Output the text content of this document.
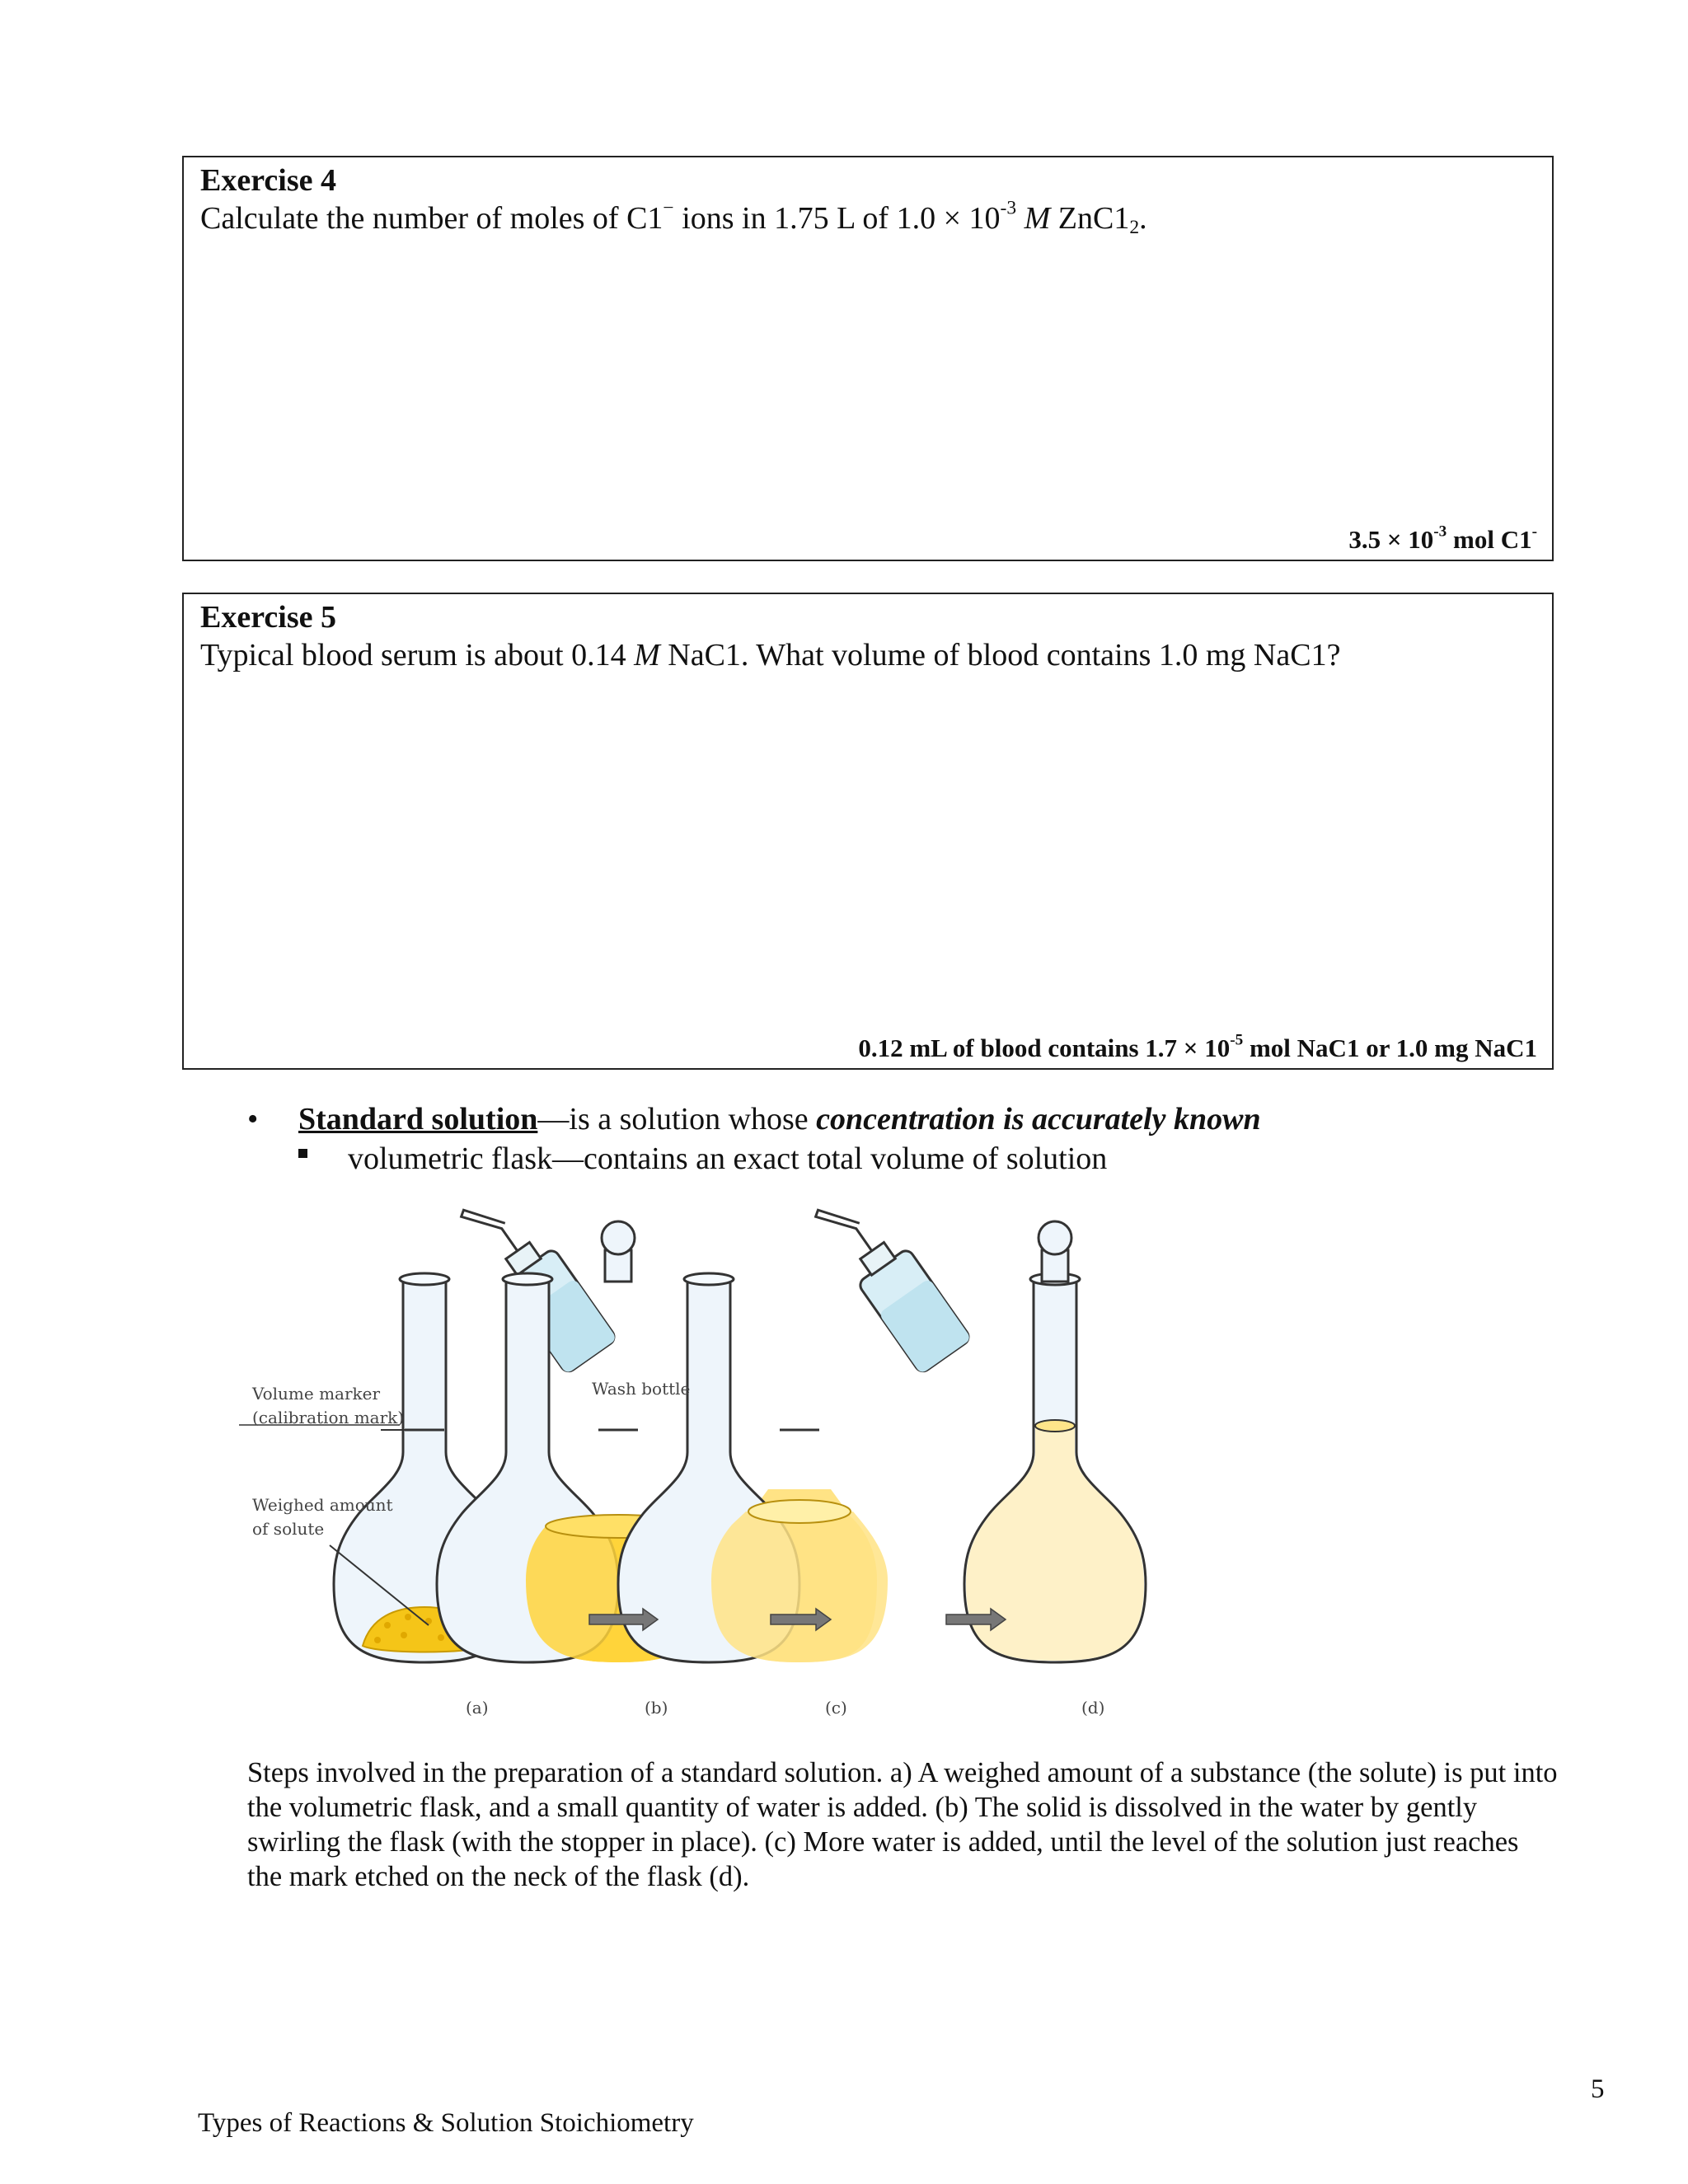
Exercise 4
Calculate the number of moles of C1− ions in 1.75 L of $1.0 \times 10^{-3}$ M $ZnC1_2$.
$3.5 \times 10^{-3}$ mol C1-
Exercise 5
Typical blood serum is about 0.14 M NaC1. What volume of blood contains 1.0 mg NaC1?
0.12 mL of blood contains $1.7 \times 10^{-5}$ mol NaC1 or 1.0 mg NaC1
• Standard solution—is a solution whose concentration is accurately known
volumetric flask—contains an exact total volume of solution
Volume marker
(calibration mark)
Weighed amount
of solute
Wash bottle
(a)	(b)	(c)	(d)
Steps involved in the preparation of a standard solution. a) A weighed amount of a substance (the solute) is put into the volumetric flask, and a small quantity of water is added. (b) The solid is dissolved in the water by gently swirling the flask (with the stopper in place). (c) More water is added, until the level of the solution just reaches the mark etched on the neck of the flask (d).
5
Types of Reactions & Solution Stoichiometry
